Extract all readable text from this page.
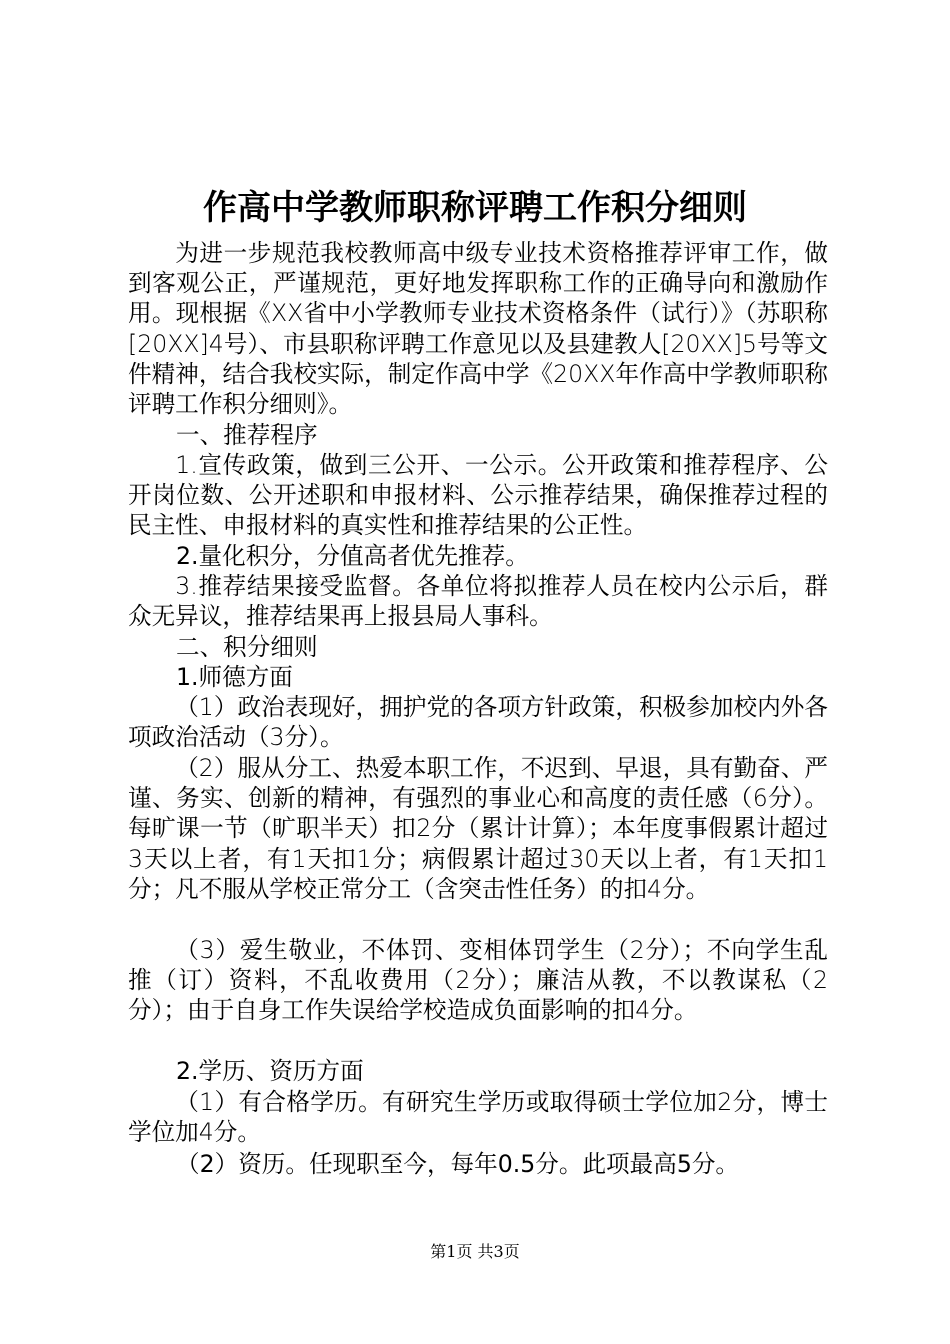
作高中学教师职称评聘工作积分细则
为进一步规范我校教师高中级专业技术资格推荐评审工作，做到客观公正，严谨规范，更好地发挥职称工作的正确导向和激励作用。现根据《XX省中小学教师专业技术资格条件（试行）》（苏职称[20XX]4号）、市县职称评聘工作意见以及县建教人[20XX]5号等文件精神，结合我校实际，制定作高中学《20XX年作高中学教师职称评聘工作积分细则》。
一、推荐程序
1.宣传政策，做到三公开、一公示。公开政策和推荐程序、公开岗位数、公开述职和申报材料、公示推荐结果，确保推荐过程的民主性、申报材料的真实性和推荐结果的公正性。
2.量化积分，分值高者优先推荐。
3.推荐结果接受监督。各单位将拟推荐人员在校内公示后，群众无异议，推荐结果再上报县局人事科。
二、积分细则
1.师德方面
（1）政治表现好，拥护党的各项方针政策，积极参加校内外各项政治活动（3分）。
（2）服从分工、热爱本职工作，不迟到、早退，具有勤奋、严谨、务实、创新的精神，有强烈的事业心和高度的责任感（6分）。每旷课一节（旷职半天）扣2分（累计计算）；本年度事假累计超过3天以上者，有1天扣1分；病假累计超过30天以上者，有1天扣1分；凡不服从学校正常分工（含突击性任务）的扣4分。
（3）爱生敬业，不体罚、变相体罚学生（2分）；不向学生乱推（订）资料，不乱收费用（2分）；廉洁从教，不以教谋私（2分）；由于自身工作失误给学校造成负面影响的扣4分。
2.学历、资历方面
（1）有合格学历。有研究生学历或取得硕士学位加2分，博士学位加4分。
（2）资历。任现职至今，每年0.5分。此项最高5分。
第1页 共3页
